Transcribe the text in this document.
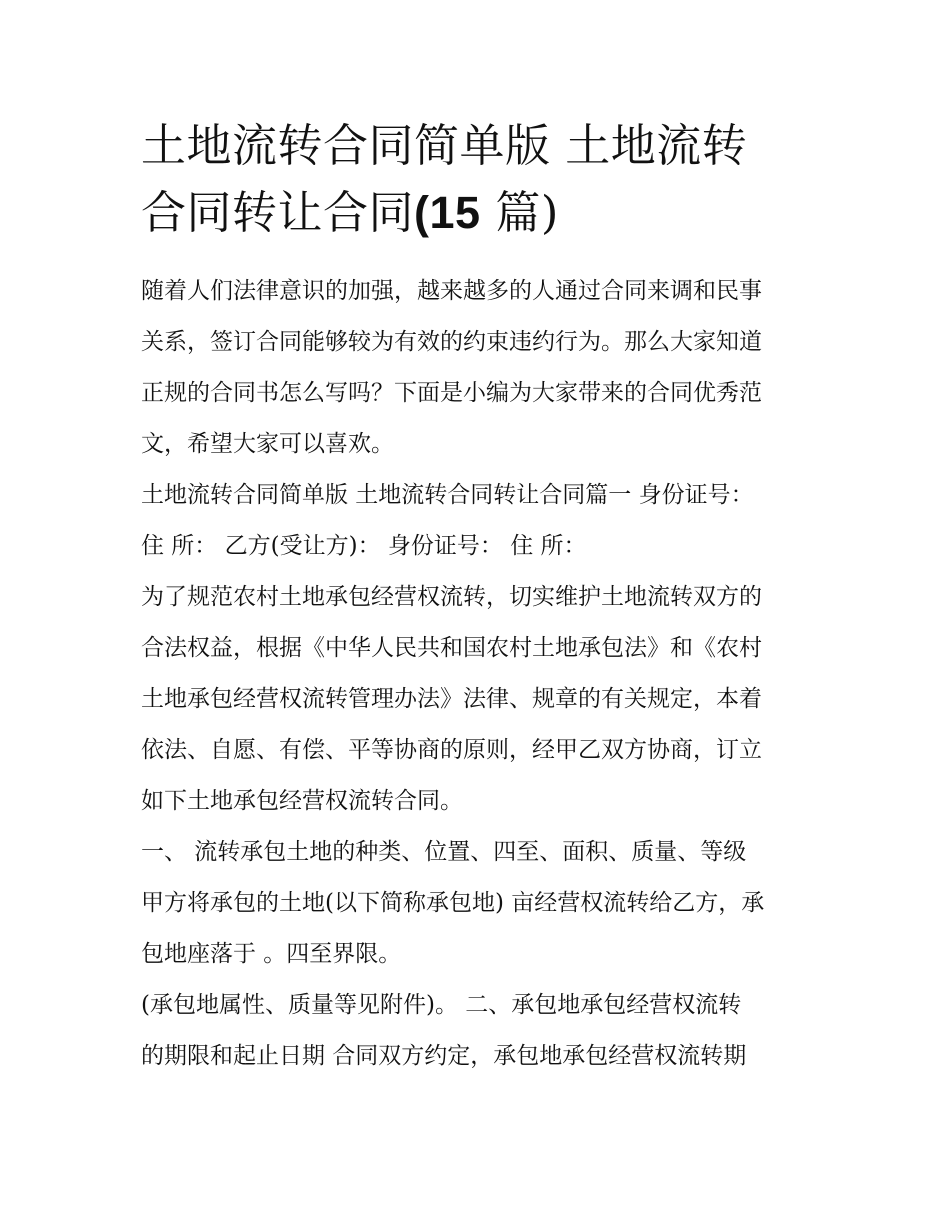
土地流转合同简单版 土地流转
合同转让合同(15 篇)

随着人们法律意识的加强，越来越多的人通过合同来调和民事
关系，签订合同能够较为有效的约束违约行为。那么大家知道
正规的合同书怎么写吗？下面是小编为大家带来的合同优秀范
文，希望大家可以喜欢。

土地流转合同简单版 土地流转合同转让合同篇一 身份证号：
住 所： 乙方(受让方)： 身份证号： 住 所：

为了规范农村土地承包经营权流转，切实维护土地流转双方的
合法权益，根据《中华人民共和国农村土地承包法》和《农村
土地承包经营权流转管理办法》法律、规章的有关规定，本着
依法、自愿、有偿、平等协商的原则，经甲乙双方协商，订立
如下土地承包经营权流转合同。

一、 流转承包土地的种类、位置、四至、面积、质量、等级
甲方将承包的土地(以下简称承包地) 亩经营权流转给乙方，承
包地座落于 。四至界限。

(承包地属性、质量等见附件)。 二、承包地承包经营权流转
的期限和起止日期 合同双方约定，承包地承包经营权流转期
